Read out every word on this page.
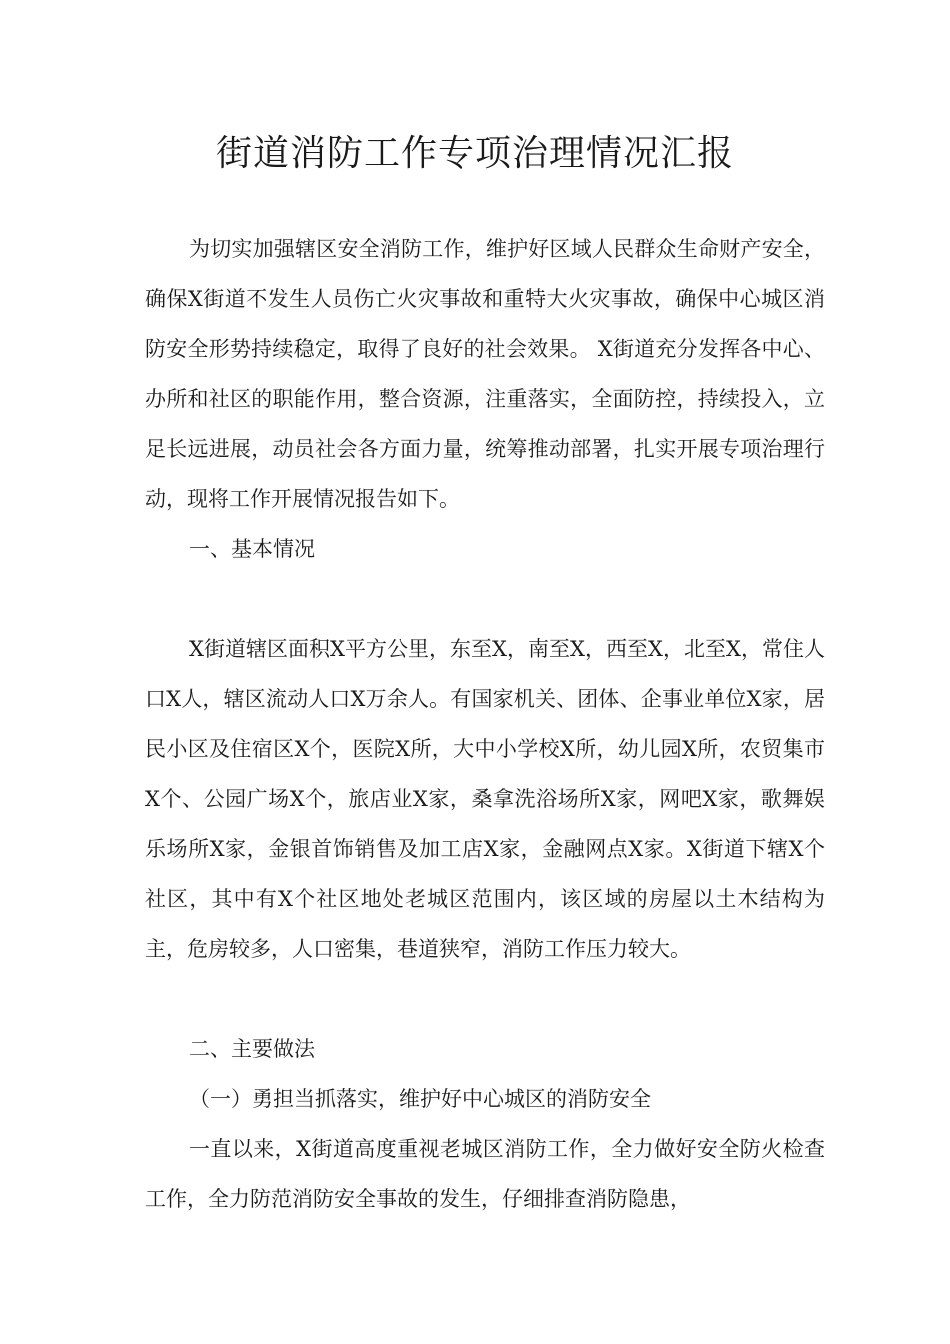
街道消防工作专项治理情况汇报

为切实加强辖区安全消防工作，维护好区域人民群众生命财产安全，确保X街道不发生人员伤亡火灾事故和重特大火灾事故，确保中心城区消防安全形势持续稳定，取得了良好的社会效果。 X街道充分发挥各中心、办所和社区的职能作用，整合资源，注重落实，全面防控，持续投入，立足长远进展，动员社会各方面力量，统筹推动部署，扎实开展专项治理行动，现将工作开展情况报告如下。

一、基本情况

X街道辖区面积X平方公里，东至X，南至X，西至X，北至X，常住人口X人，辖区流动人口X万余人。有国家机关、团体、企事业单位X家，居民小区及住宿区X个，医院X所，大中小学校X所，幼儿园X所，农贸集市X个、公园广场X个，旅店业X家，桑拿洗浴场所X家，网吧X家，歌舞娱乐场所X家，金银首饰销售及加工店X家，金融网点X家。X街道下辖X个社区，其中有X个社区地处老城区范围内，该区域的房屋以土木结构为主，危房较多，人口密集，巷道狭窄，消防工作压力较大。

二、主要做法

（一）勇担当抓落实，维护好中心城区的消防安全

一直以来，X街道高度重视老城区消防工作，全力做好安全防火检查工作，全力防范消防安全事故的发生，仔细排查消防隐患，
